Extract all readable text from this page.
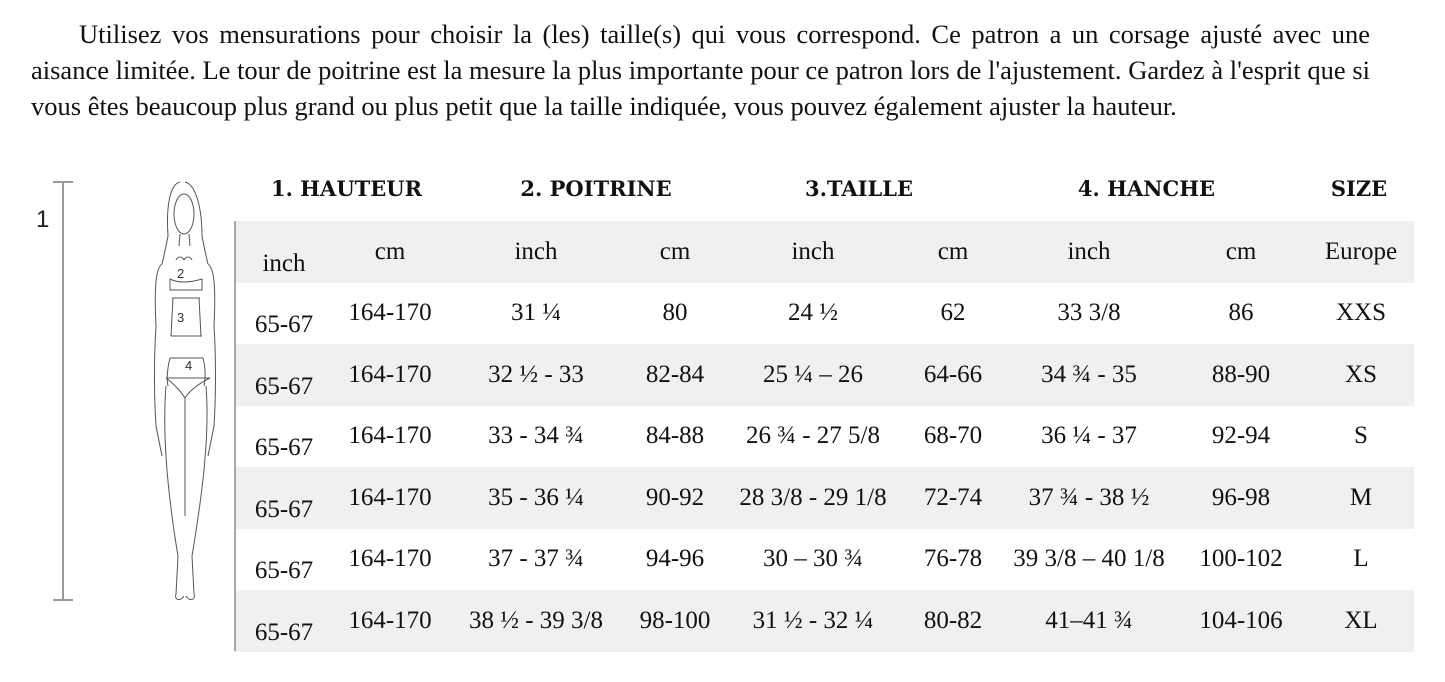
Utilisez vos mensurations pour choisir la (les) taille(s) qui vous correspond. Ce patron a un corsage ajusté avec une aisance limitée. Le tour de poitrine est la mesure la plus importante pour ce patron lors de l'ajustement. Gardez à l'esprit que si vous êtes beaucoup plus grand ou plus petit que la taille indiquée, vous pouvez également ajuster la hauteur.

1
2
3
4
1. HAUTEUR	2. POITRINE	3.TAILLE	4. HANCHE	SIZE
inch	cm	inch	cm	inch	cm	inch	cm	Europe
65-67	164-170	31 ¼	80	24 ½	62	33 3/8	86	XXS
65-67	164-170	32 ½ - 33	82-84	25 ¼ – 26	64-66	34 ¾ - 35	88-90	XS
65-67	164-170	33 - 34 ¾	84-88	26 ¾ - 27 5/8	68-70	36 ¼ - 37	92-94	S
65-67	164-170	35 - 36 ¼	90-92	28 3/8 - 29 1/8	72-74	37 ¾ - 38 ½	96-98	M
65-67	164-170	37 - 37 ¾	94-96	30 – 30 ¾	76-78	39 3/8 – 40 1/8	100-102	L
65-67	164-170	38 ½ - 39 3/8	98-100	31 ½ - 32 ¼	80-82	41–41 ¾	104-106	XL
